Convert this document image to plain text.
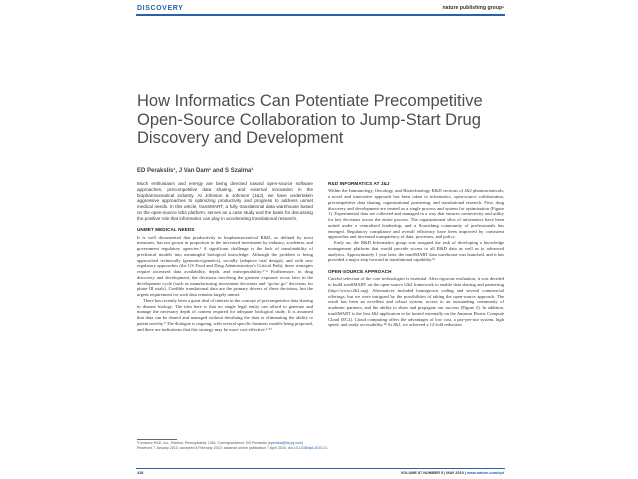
DISCOVERY	nature publishing group•
How Informatics Can Potentiate Precompetitive Open-Source Collaboration to Jump-Start Drug Discovery and Development
ED Perakslis¹, J Van Dam¹ and S Szalma¹

Much enthusiasm and energy are being directed toward open-source software approaches, precompetitive data sharing, and external innovation in the biopharmaceutical industry. At Johnson & Johnson (J&J), we have undertaken aggressive approaches to optimizing productivity and progress to address unmet medical needs. In this article, tranSMART, a fully translational data warehouse based on the open-source i2b2 platform, serves as a case study and the basis for discussing the positive role that informatics can play in accelerating translational research.

UNMET MEDICAL NEEDS

It is well documented that productivity in biopharmaceutical R&D, as defined by most measures, has not grown in proportion to the increased investment by industry, academia, and government regulatory agencies.¹ A significant challenge is the lack of translatability of preclinical models into meaningful biological knowledge. Although the problem is being approached technically (genomics/genetics), socially (adaptive trial design), and with new regulatory approaches (the US Food and Drug Administration’s Critical Path), these strategies require increased data availability, depth, and interoperability.²⁻⁴ Furthermore, in drug discovery and development, the decisions involving the greatest exposure occur later in the development cycle (such as manufacturing investment decisions and “go/no go” decisions for phase III trials). Credible translational data are the primary drivers of these decisions, but the urgent requirement for such data remains largely unmet.

There has recently been a great deal of interest in the concept of precompetitive data sharing in disease biology. The idea here is that no single legal entity can afford to generate and manage the necessary depth of content required for adequate biological study. It is assumed that data can be shared and managed without devaluing the data or eliminating the ability to patent novelty.⁵ The dialogue is ongoing, with several specific business models being proposed, and there are indications that this strategy may be more cost-effective.⁶˙¹²

R&D INFORMATICS AT J&J

Within the Immunology, Oncology, and Biotechnology R&D sections of J&J pharmaceuticals, a novel and innovative approach has been taken to informatics, open-source collaboration, precompetitive data sharing, organizational partnering, and translational research. First, drug discovery and development are treated as a single process and system for optimization (Figure 1). Experimental data are collected and managed in a way that ensures connectivity and utility for key decisions across the entire process. The organizational silos of informatics have been united under a centralized leadership, and a flourishing community of professionals has emerged. Regulatory compliance and overall efficiency have been improved by consistent approaches and increased transparency of data, processes, and policy.

Early on, the R&D Informatics group was assigned the task of developing a knowledge management platform that would provide access to all R&D data as well as to advanced analytics. Approximately 1 year later, the tranSMART data warehouse was launched, and it has provided a major step forward in translational capability.¹³

OPEN-SOURCE APPROACH

Careful selection of the core technologies is essential. After rigorous evaluation, it was decided to build tranSMART on the open-source i2b2 framework to enable data sharing and partnering (http://www.i2b2.org). Alternatives included homegrown coding and several commercial offerings, but we were intrigued by the possibilities of taking the open-source approach. The result has been an excellent and robust system, access to an outstanding community of academic partners, and the ability to share and propagate our success (Figure 2). In addition, tranSMART is the first J&J application to be hosted externally on the Amazon Elastic Compute Cloud (EC2). Cloud computing offers the advantages of low cost, a pay-per-use system, high speed, and ready accessibility.¹⁴ At J&J, we achieved a 12-fold reduction

¹Centocor R&D, Inc., Radnor, Pennsylvania, USA. Correspondence: ED Perakslis (eperaksl@its.jnj.com)
Received 7 January 2010; accepted 8 February 2010; advance online publication 7 April 2010. doi:10.1038/clpt.2010.21
418	VOLUME 87 NUMBER 5 | MAY 2010 | www.nature.com/cpt
